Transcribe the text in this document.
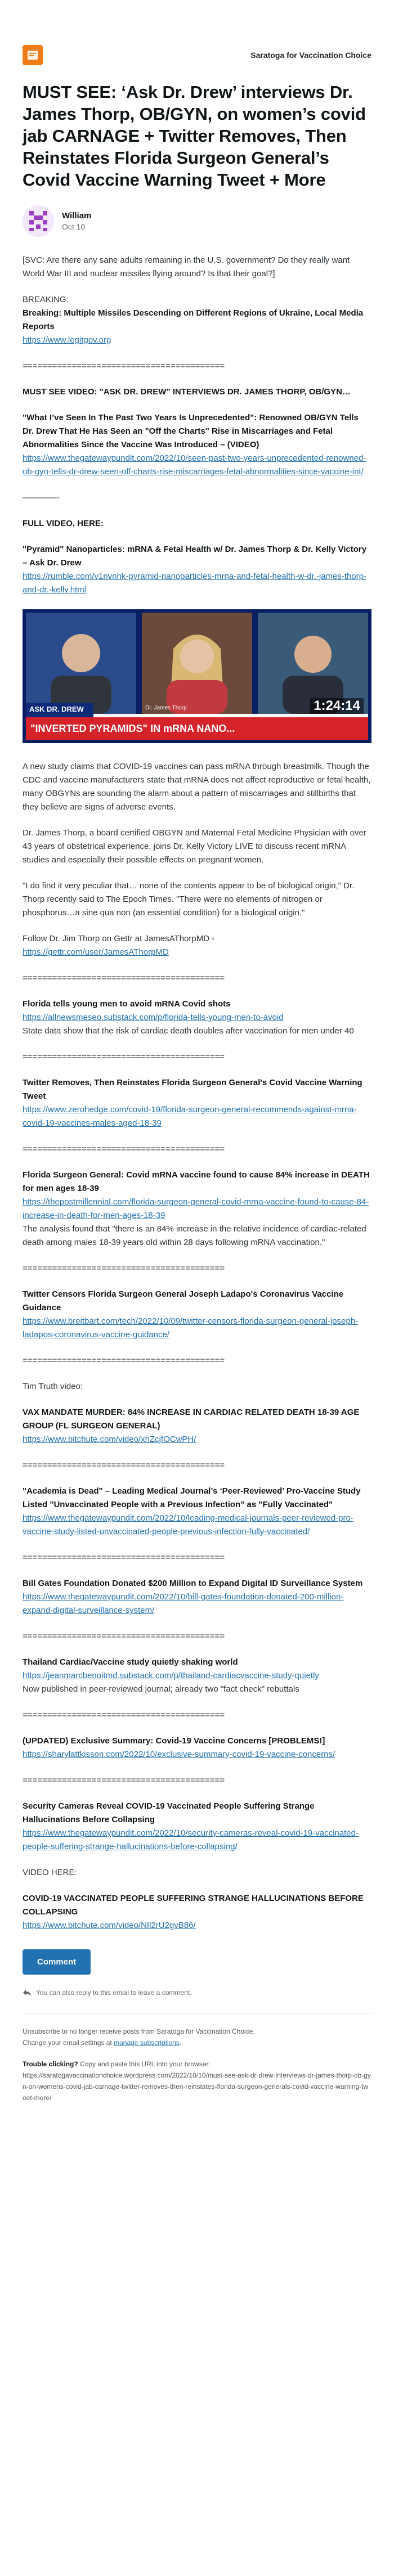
Saratoga for Vaccination Choice
MUST SEE: ‘Ask Dr. Drew’ interviews Dr. James Thorp, OB/GYN, on women’s covid jab CARNAGE + Twitter Removes, Then Reinstates Florida Surgeon General’s Covid Vaccine Warning Tweet + More
William
Oct 10

[SVC: Are there any sane adults remaining in the U.S. government? Do they really want World War III and nuclear missiles flying around? Is that their goal?]

BREAKING:
Breaking: Multiple Missiles Descending on Different Regions of Ukraine, Local Media Reports
https://www.legitgov.org

=========================================

MUST SEE VIDEO: "ASK DR. DREW" INTERVIEWS DR. JAMES THORP, OB/GYN…

"What I’ve Seen In The Past Two Years Is Unprecedented": Renowned OB/GYN Tells Dr. Drew That He Has Seen an "Off the Charts" Rise in Miscarriages and Fetal Abnormalities Since the Vaccine Was Introduced – (VIDEO)
https://www.thegatewaypundit.com/2022/10/seen-past-two-years-unprecedented-renowned-ob-gyn-tells-dr-drew-seen-off-charts-rise-miscarriages-fetal-abnormalities-since-vaccine-int/

————-

FULL VIDEO, HERE:

"Pyramid" Nanoparticles: mRNA & Fetal Health w/ Dr. James Thorp & Dr. Kelly Victory – Ask Dr. Drew
https://rumble.com/v1nvnhk-pyramid-nanoparticles-mrna-and-fetal-health-w-dr.-james-thorp-and-dr.-kelly.html

ASK DR. DREW	Dr. James Thorp
"INVERTED PYRAMIDS" IN mRNA NANO...
1:24:14

A new study claims that COVID-19 vaccines can pass mRNA through breastmilk. Though the CDC and vaccine manufacturers state that mRNA does not affect reproductive or fetal health, many OBGYNs are sounding the alarm about a pattern of miscarriages and stillbirths that they believe are signs of adverse events.

Dr. James Thorp, a board certified OBGYN and Maternal Fetal Medicine Physician with over 43 years of obstetrical experience, joins Dr. Kelly Victory LIVE to discuss recent mRNA studies and especially their possible effects on pregnant women.

"I do find it very peculiar that… none of the contents appear to be of biological origin," Dr. Thorp recently said to The Epoch Times. "There were no elements of nitrogen or phosphorus…a sine qua non (an essential condition) for a biological origin."

Follow Dr. Jim Thorp on Gettr at JamesAThorpMD -
https://gettr.com/user/JamesAThorpMD

=========================================

Florida tells young men to avoid mRNA Covid shots
https://allnewsmeseo.substack.com/p/florida-tells-young-men-to-avoid
State data show that the risk of cardiac death doubles after vaccination for men under 40

=========================================

Twitter Removes, Then Reinstates Florida Surgeon General's Covid Vaccine Warning Tweet
https://www.zerohedge.com/covid-19/florida-surgeon-general-recommends-against-mrna-covid-19-vaccines-males-aged-18-39

=========================================

Florida Surgeon General: Covid mRNA vaccine found to cause 84% increase in DEATH for men ages 18-39
https://thepostmillennial.com/florida-surgeon-general-covid-mrna-vaccine-found-to-cause-84-increase-in-death-for-men-ages-18-39
The analysis found that "there is an 84% increase in the relative incidence of cardiac-related death among males 18-39 years old within 28 days following mRNA vaccination."

=========================================

Twitter Censors Florida Surgeon General Joseph Ladapo's Coronavirus Vaccine Guidance
https://www.breitbart.com/tech/2022/10/09/twitter-censors-florida-surgeon-general-joseph-ladapos-coronavirus-vaccine-guidance/

=========================================

Tim Truth video:

VAX MANDATE MURDER: 84% INCREASE IN CARDIAC RELATED DEATH 18-39 AGE GROUP (FL SURGEON GENERAL)
https://www.bitchute.com/video/xhZcjfOCwPH/

=========================================

"Academia is Dead" – Leading Medical Journal’s ‘Peer-Reviewed’ Pro-Vaccine Study Listed "Unvaccinated People with a Previous Infection" as "Fully Vaccinated"
https://www.thegatewaypundit.com/2022/10/leading-medical-journals-peer-reviewed-pro-vaccine-study-listed-unvaccinated-people-previous-infection-fully-vaccinated/

=========================================

Bill Gates Foundation Donated $200 Million to Expand Digital ID Surveillance System
https://www.thegatewaypundit.com/2022/10/bill-gates-foundation-donated-200-million-expand-digital-surveillance-system/

=========================================

Thailand Cardiac/Vaccine study quietly shaking world
https://jeanmarcbenoitmd.substack.com/p/thailand-cardiacvaccine-study-quietly
Now published in peer-reviewed journal; already two "fact check" rebuttals

=========================================

(UPDATED) Exclusive Summary: Covid-19 Vaccine Concerns [PROBLEMS!]
https://sharylattkisson.com/2022/10/exclusive-summary-covid-19-vaccine-concerns/

=========================================

Security Cameras Reveal COVID-19 Vaccinated People Suffering Strange Hallucinations Before Collapsing
https://www.thegatewaypundit.com/2022/10/security-cameras-reveal-covid-19-vaccinated-people-suffering-strange-hallucinations-before-collapsing/

VIDEO HERE:

COVID-19 VACCINATED PEOPLE SUFFERING STRANGE HALLUCINATIONS BEFORE COLLAPSING
https://www.bitchute.com/video/NIl2rU2gvB86/

Comment
You can also reply to this email to leave a comment.

Unsubscribe to no longer receive posts from Saratoga for Vaccination Choice.
Change your email settings at manage subscriptions.

Trouble clicking? Copy and paste this URL into your browser:
https://saratogavaccinationchoice.wordpress.com/2022/10/10/must-see-ask-dr-drew-interviews-dr-james-thorp-ob-gyn-on-womens-covid-jab-carnage-twitter-removes-then-reinstates-florida-surgeon-generals-covid-vaccine-warning-tweet-more/
